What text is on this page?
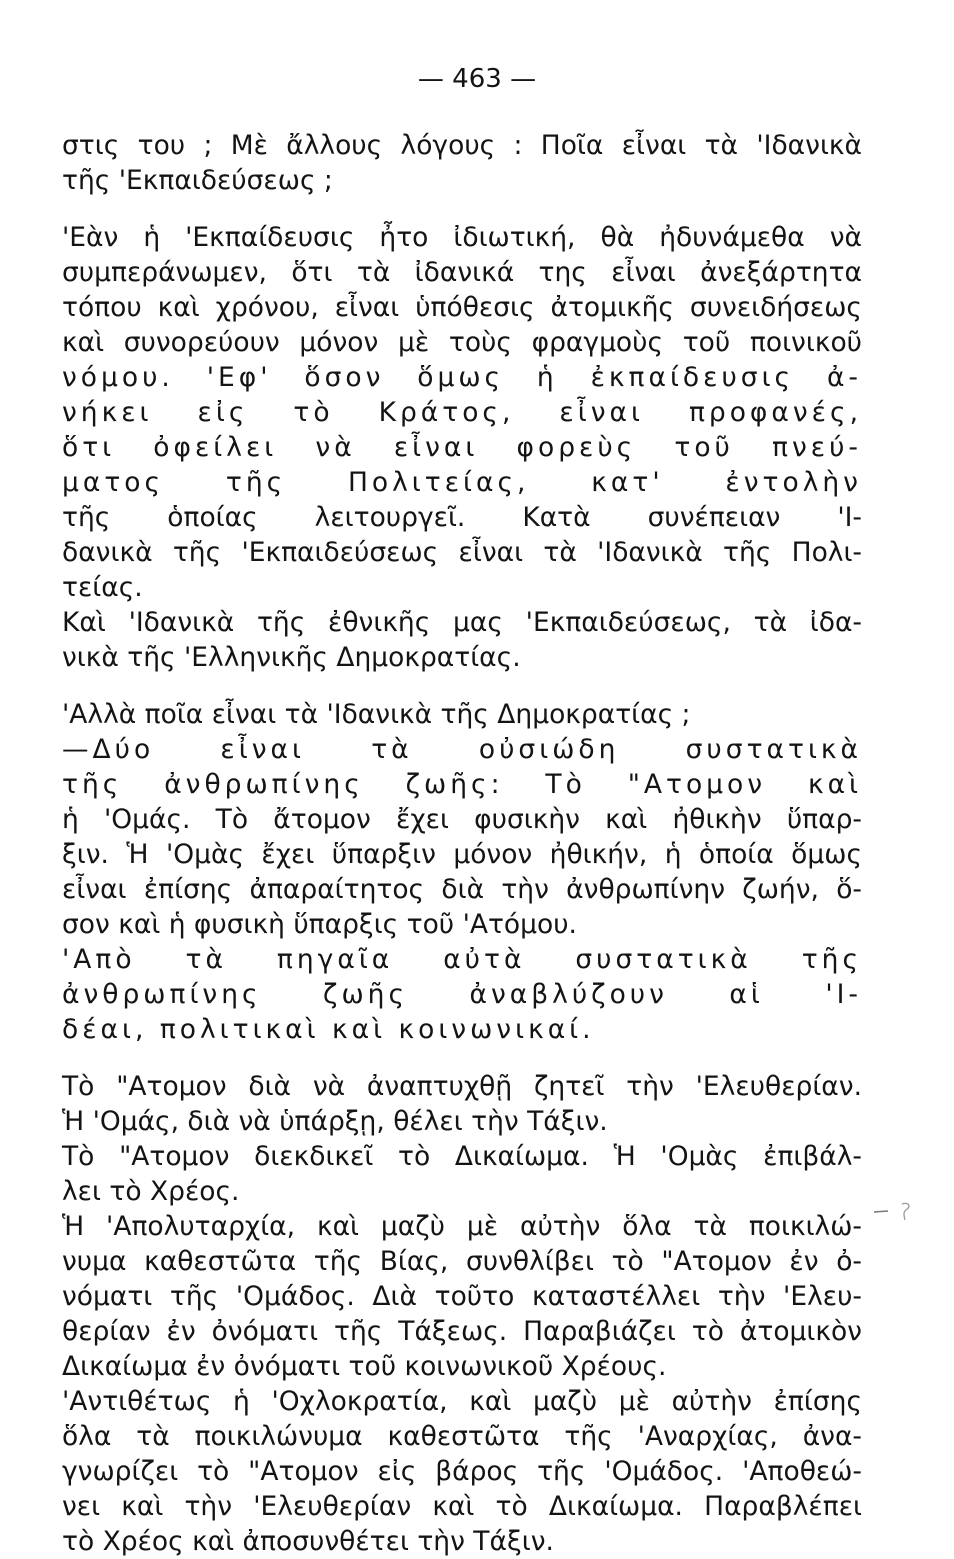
— 463 —
στις του ; Μὲ ἄλλους λόγους : Ποῖα εἶναι τὰ 'Ιδανικὰ
τῆς 'Εκπαιδεύσεως ;
'Εὰν ἡ 'Εκπαίδευσις ἦτο ἰδιωτική, θὰ ἠδυνάμεθα νὰ
συμπεράνωμεν, ὅτι τὰ ἰδανικά της εἶναι ἀνεξάρτητα
τόπου καὶ χρόνου, εἶναι ὑπόθεσις ἀτομικῆς συνειδήσεως
καὶ συνορεύουν μόνον μὲ τοὺς φραγμοὺς τοῦ ποινικοῦ
νόμου. 'Εφ' ὅσον ὅμως ἡ ἐκπαίδευσις ἀ-
νήκει εἰς τὸ Κράτος, εἶναι προφανές,
ὅτι ὀφείλει νὰ εἶναι φορεὺς τοῦ πνεύ-
ματος τῆς Πολιτείας, κατ' ἐντολὴν
τῆς ὁποίας λειτουργεῖ. Κατὰ συνέπειαν 'Ι-
δανικὰ τῆς 'Εκπαιδεύσεως εἶναι τὰ 'Ιδανικὰ τῆς Πολι-
τείας.
Καὶ 'Ιδανικὰ τῆς ἐθνικῆς μας 'Εκπαιδεύσεως, τὰ ἰδα-
νικὰ τῆς 'Ελληνικῆς Δημοκρατίας.
'Αλλὰ ποῖα εἶναι τὰ 'Ιδανικὰ τῆς Δημοκρατίας ;
—Δύο εἶναι τὰ οὐσιώδη συστατικὰ
τῆς ἀνθρωπίνης ζωῆς: Τὸ "Ατομον καὶ
ἡ 'Ομάς. Τὸ ἄτομον ἔχει φυσικὴν καὶ ἠθικὴν ὕπαρ-
ξιν. Ἡ 'Ομὰς ἔχει ὕπαρξιν μόνον ἠθικήν, ἡ ὁποία ὅμως
εἶναι ἐπίσης ἀπαραίτητος διὰ τὴν ἀνθρωπίνην ζωήν, ὅ-
σον καὶ ἡ φυσικὴ ὕπαρξις τοῦ 'Ατόμου.
'Απὸ τὰ πηγαῖα αὐτὰ συστατικὰ τῆς
ἀνθρωπίνης ζωῆς ἀναβλύζουν αἱ 'Ι-
δέαι, πολιτικαὶ καὶ κοινωνικαί.
Τὸ "Ατομον διὰ νὰ ἀναπτυχθῇ ζητεῖ τὴν 'Ελευθερίαν.
Ἡ 'Ομάς, διὰ νὰ ὑπάρξῃ, θέλει τὴν Τάξιν.
Τὸ "Ατομον διεκδικεῖ τὸ Δικαίωμα. Ἡ 'Ομὰς ἐπιβάλ-
λει τὸ Χρέος.
Ἡ 'Απολυταρχία, καὶ μαζὺ μὲ αὐτὴν ὅλα τὰ ποικιλώ-
νυμα καθεστῶτα τῆς Βίας, συνθλίβει τὸ "Ατομον ἐν ὀ-
νόματι τῆς 'Ομάδος. Διὰ τοῦτο καταστέλλει τὴν 'Ελευ-
θερίαν ἐν ὀνόματι τῆς Τάξεως. Παραβιάζει τὸ ἀτομικὸν
Δικαίωμα ἐν ὀνόματι τοῦ κοινωνικοῦ Χρέους.
'Αντιθέτως ἡ 'Οχλοκρατία, καὶ μαζὺ μὲ αὐτὴν ἐπίσης
ὅλα τὰ ποικιλώνυμα καθεστῶτα τῆς 'Αναρχίας, ἀνα-
γνωρίζει τὸ "Ατομον εἰς βάρος τῆς 'Ομάδος. 'Αποθεώ-
νει καὶ τὴν 'Ελευθερίαν καὶ τὸ Δικαίωμα. Παραβλέπει
τὸ Χρέος καὶ ἀποσυνθέτει τὴν Τάξιν.
